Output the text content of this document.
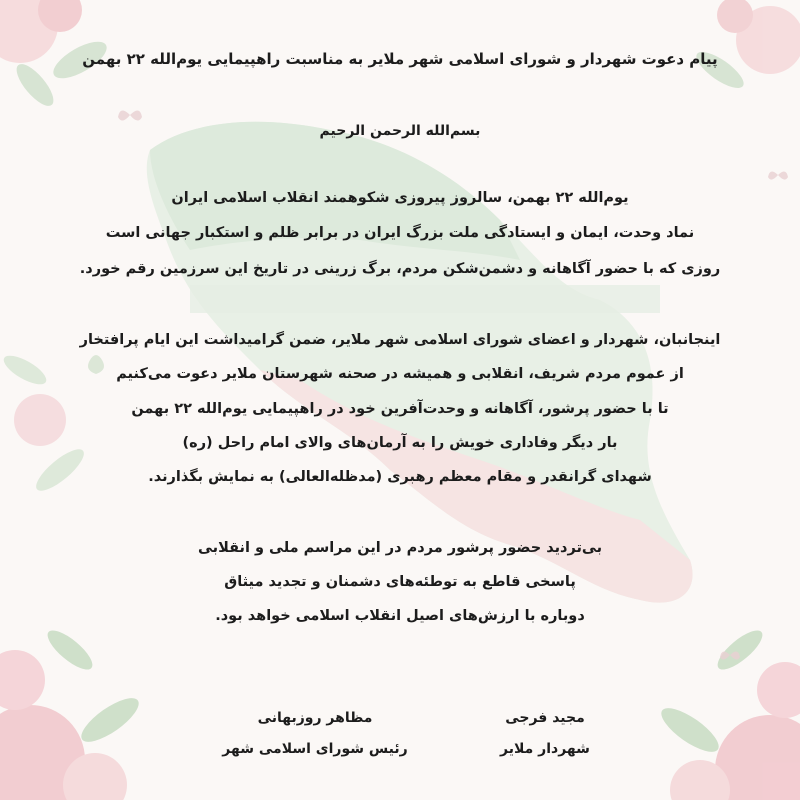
پیام دعوت شهردار و شورای اسلامی شهر ملایر به مناسبت راهپیمایی یوم‌الله ۲۲ بهمن
بسم‌الله الرحمن الرحیم
یوم‌الله ۲۲ بهمن، سالروز پیروزی شکوهمند انقلاب اسلامی ایران
نماد وحدت، ایمان و ایستادگی ملت بزرگ ایران در برابر ظلم و استکبار جهانی است
روزی که با حضور آگاهانه و دشمن‌شکن مردم، برگ زرینی در تاریخ این سرزمین رقم خورد.
اینجانبان، شهردار و اعضای شورای اسلامی شهر ملایر، ضمن گرامیداشت این ایام پرافتخار
از عموم مردم شریف، انقلابی و همیشه در صحنه شهرستان ملایر دعوت می‌کنیم
تا با حضور پرشور، آگاهانه و وحدت‌آفرین خود در راهپیمایی یوم‌الله ۲۲ بهمن
بار دیگر وفاداری خویش را به آرمان‌های والای امام راحل (ره)
شهدای گرانقدر و مقام معظم رهبری (مدظله‌العالی) به نمایش بگذارند.
بی‌تردید حضور پرشور مردم در این مراسم ملی و انقلابی
پاسخی قاطع به توطئه‌های دشمنان و تجدید میثاق
دوباره با ارزش‌های اصیل انقلاب اسلامی خواهد بود.
مظاهر روزبهانی
رئیس شورای اسلامی شهر
مجید فرجی
شهردار ملایر
